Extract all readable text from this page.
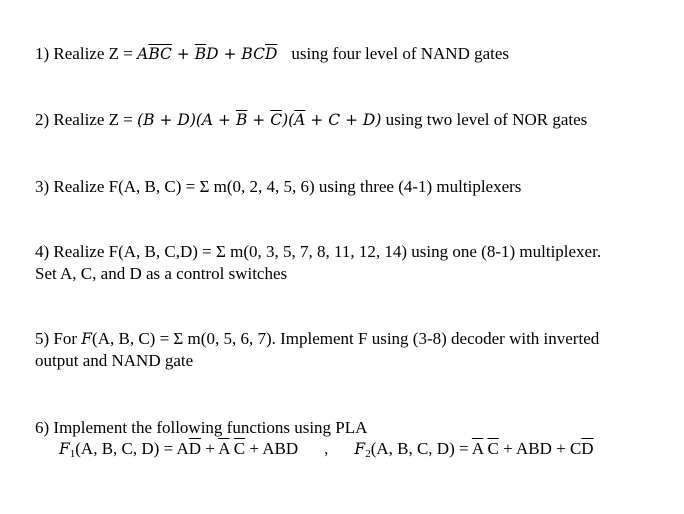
1) Realize $Z = A\overline{B}\overline{C} + \overline{B}D + BC\overline{D}$ using four level of NAND gates
2) Realize $Z = (B + D)(A + \overline{B} + \overline{C})(\overline{A} + C + D)$ using two level of NOR gates
3) Realize F(A, B, C) = Σ m(0, 2, 4, 5, 6) using three (4-1) multiplexers
4) Realize F(A, B, C,D) = Σ m(0, 3, 5, 7, 8, 11, 12, 14) using one (8-1) multiplexer.
Set A, C, and D as a control switches
5) For F(A, B, C) = Σ m(0, 5, 6, 7). Implement F using (3-8) decoder with inverted
output and NAND gate
6) Implement the following functions using PLA
$F_1(A$, B, C, $D) = A\overline{D} + \overline{A}$ $\overline{C}$ + ABD , $F_2(A$, B, C, $D) = \overline{A}$ $\overline{C}$ + ABD + $C\overline{D}$
